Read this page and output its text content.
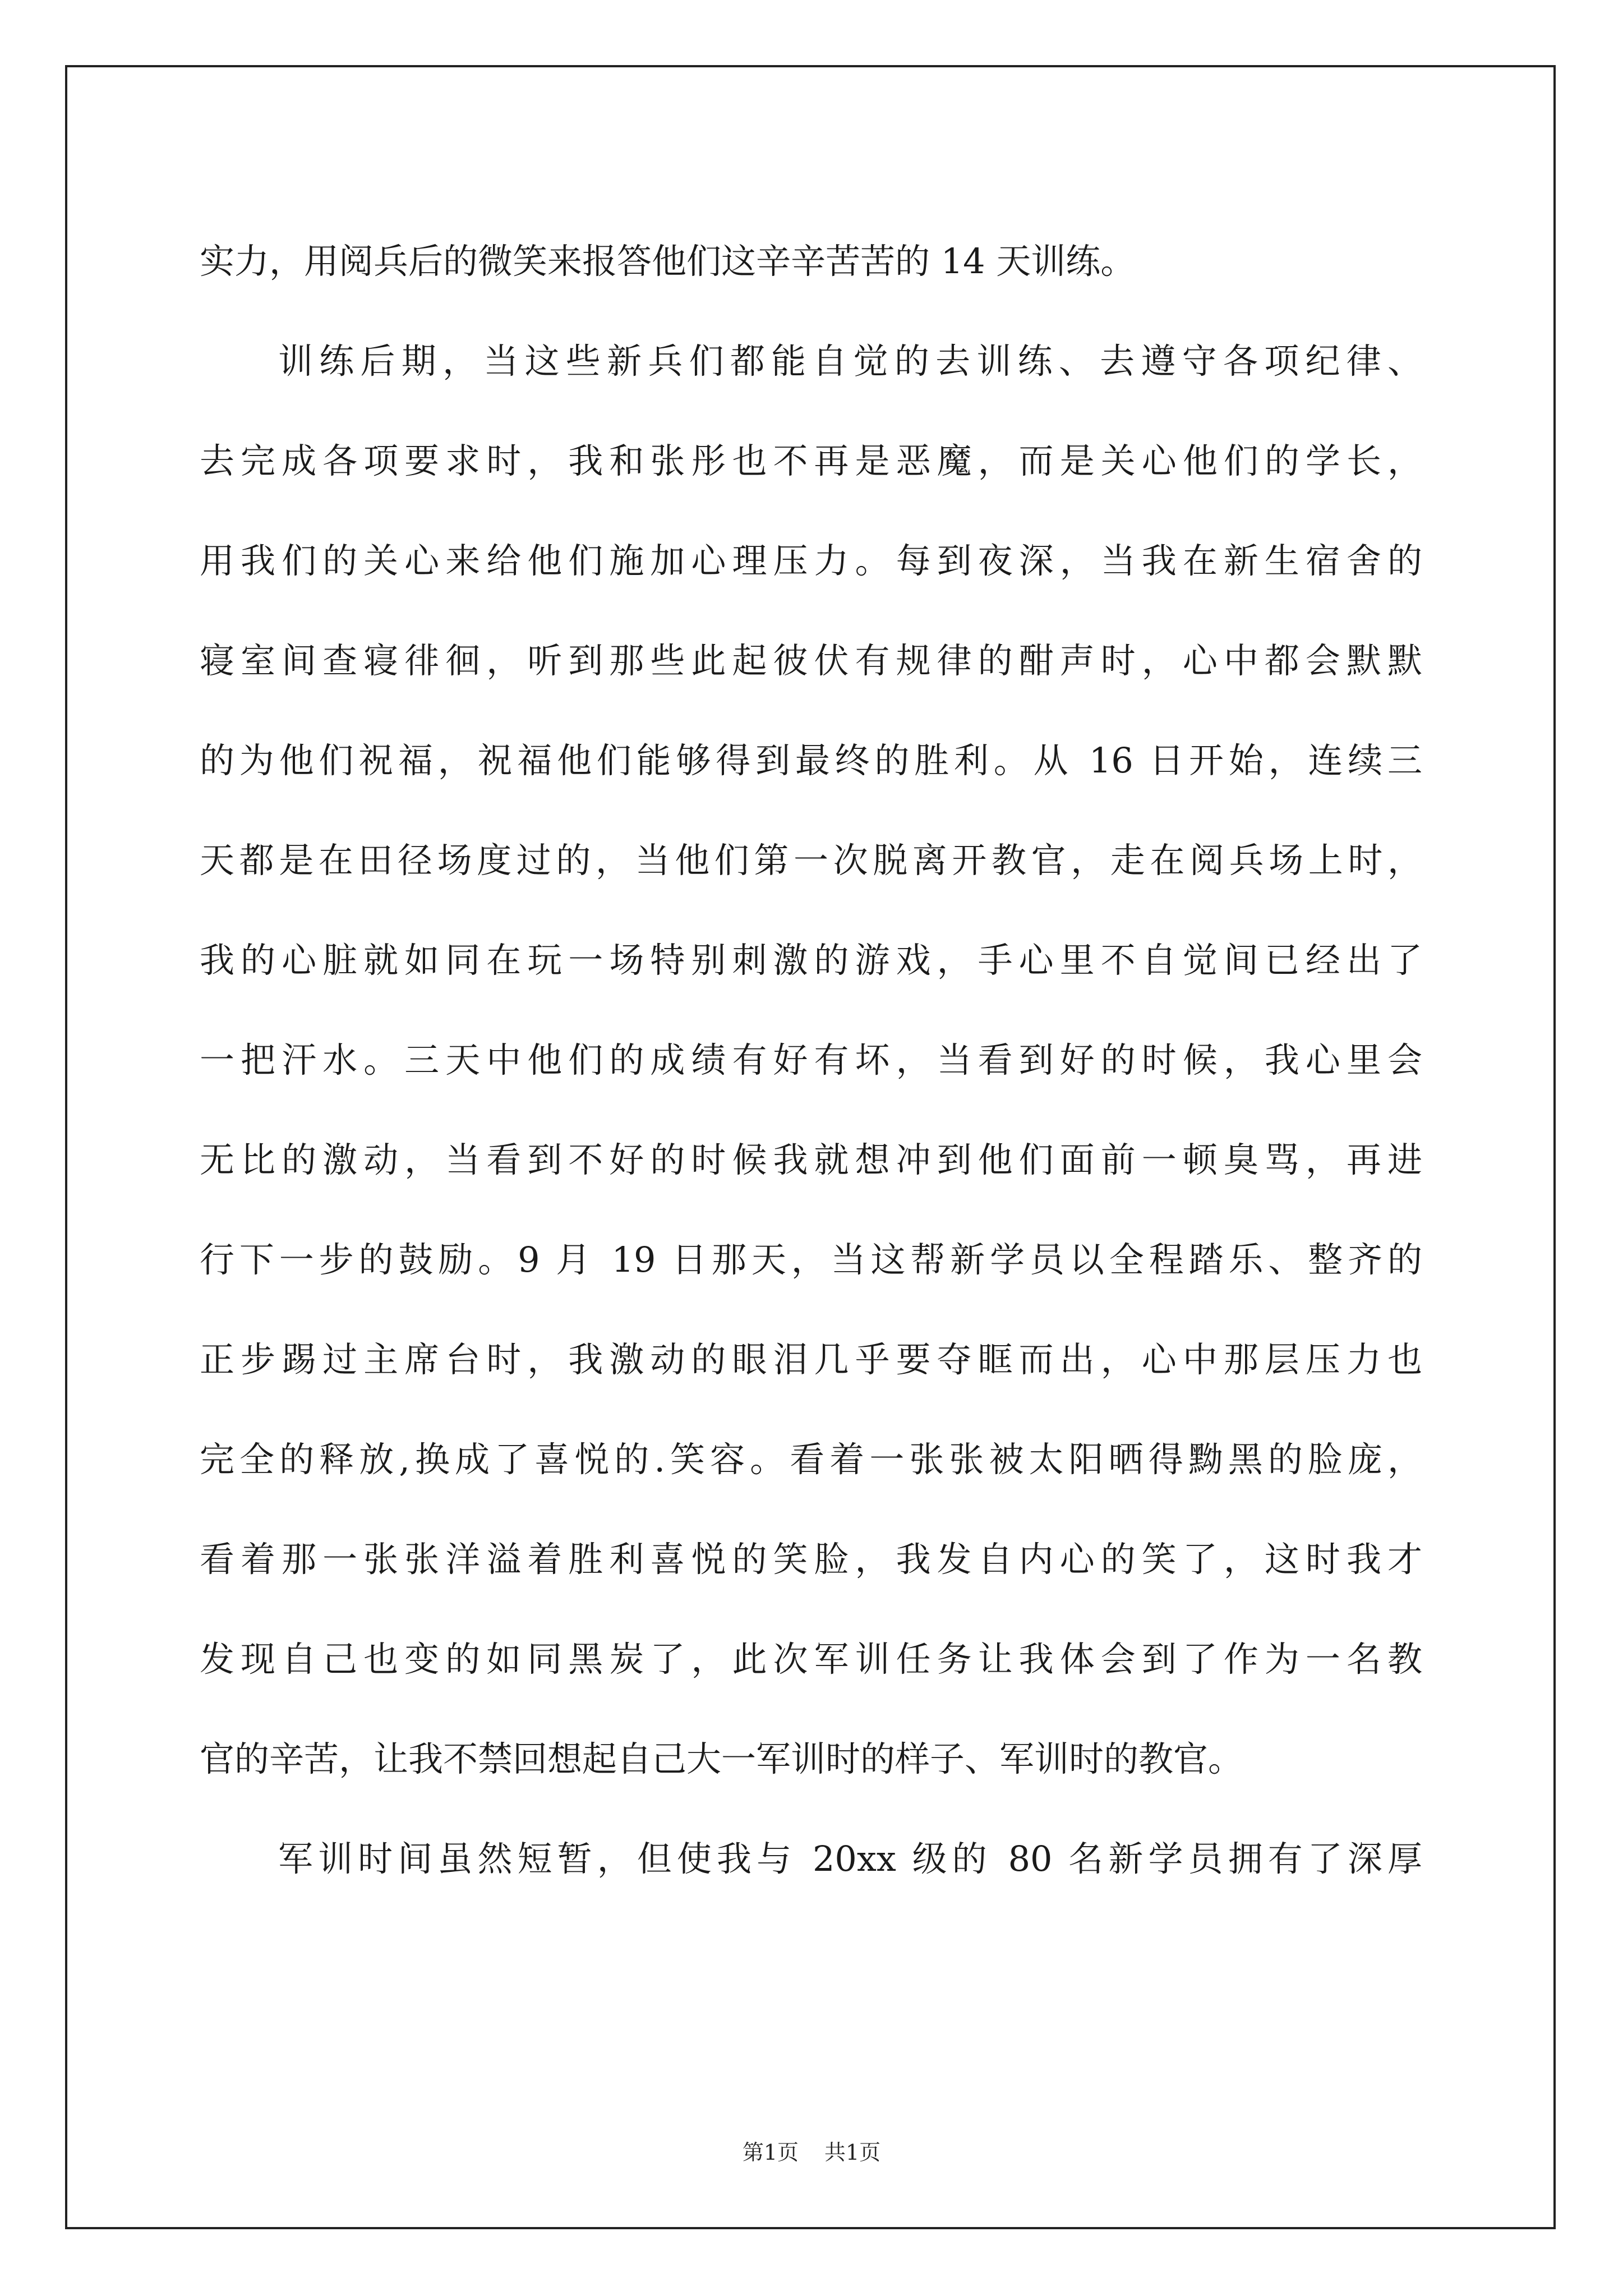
实力，用阅兵后的微笑来报答他们这辛辛苦苦的 14 天训练。
训练后期，当这些新兵们都能自觉的去训练、去遵守各项纪律、
去完成各项要求时，我和张彤也不再是恶魔，而是关心他们的学长，
用我们的关心来给他们施加心理压力。每到夜深，当我在新生宿舍的
寝室间查寝徘徊，听到那些此起彼伏有规律的酣声时，心中都会默默
的为他们祝福，祝福他们能够得到最终的胜利。从 16 日开始，连续三
天都是在田径场度过的，当他们第一次脱离开教官，走在阅兵场上时，
我的心脏就如同在玩一场特别刺激的游戏，手心里不自觉间已经出了
一把汗水。三天中他们的成绩有好有坏，当看到好的时候，我心里会
无比的激动，当看到不好的时候我就想冲到他们面前一顿臭骂，再进
行下一步的鼓励。9 月 19 日那天，当这帮新学员以全程踏乐、整齐的
正步踢过主席台时，我激动的眼泪几乎要夺眶而出，心中那层压力也
完全的释放,换成了喜悦的.笑容。看着一张张被太阳晒得黝黑的脸庞，
看着那一张张洋溢着胜利喜悦的笑脸，我发自内心的笑了，这时我才
发现自己也变的如同黑炭了，此次军训任务让我体会到了作为一名教
官的辛苦，让我不禁回想起自己大一军训时的样子、军训时的教官。
军训时间虽然短暂，但使我与 20xx 级的 80 名新学员拥有了深厚
第1页 共1页
